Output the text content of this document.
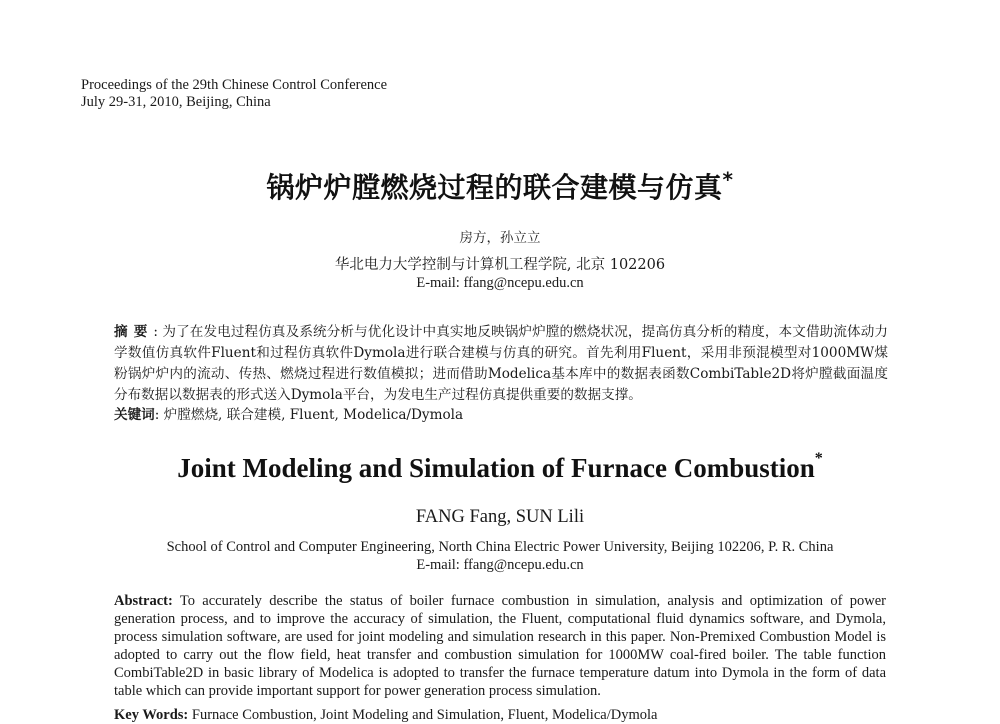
Proceedings of the 29th Chinese Control Conference
July 29-31, 2010, Beijing, China
锅炉炉膛燃烧过程的联合建模与仿真*
房方，孙立立
华北电力大学控制与计算机工程学院, 北京 102206
E-mail: ffang@ncepu.edu.cn
摘要: 为了在发电过程仿真及系统分析与优化设计中真实地反映锅炉炉膛的燃烧状况，提高仿真分析的精度，本文借助流体动力学数值仿真软件Fluent和过程仿真软件Dymola进行联合建模与仿真的研究。首先利用Fluent，采用非预混模型对1000MW煤粉锅炉炉内的流动、传热、燃烧过程进行数值模拟；进而借助Modelica基本库中的数据表函数CombiTable2D将炉膛截面温度分布数据以数据表的形式送入Dymola平台，为发电生产过程仿真提供重要的数据支撑。
关键词: 炉膛燃烧, 联合建模, Fluent, Modelica/Dymola
Joint Modeling and Simulation of Furnace Combustion*
FANG Fang, SUN Lili
School of Control and Computer Engineering, North China Electric Power University, Beijing 102206, P. R. China
E-mail: ffang@ncepu.edu.cn
Abstract: To accurately describe the status of boiler furnace combustion in simulation, analysis and optimization of power generation process, and to improve the accuracy of simulation, the Fluent, computational fluid dynamics software, and Dymola, process simulation software, are used for joint modeling and simulation research in this paper. Non-Premixed Combustion Model is adopted to carry out the flow field, heat transfer and combustion simulation for 1000MW coal-fired boiler. The table function CombiTable2D in basic library of Modelica is adopted to transfer the furnace temperature datum into Dymola in the form of data table which can provide important support for power generation process simulation.
Key Words: Furnace Combustion, Joint Modeling and Simulation, Fluent, Modelica/Dymola
